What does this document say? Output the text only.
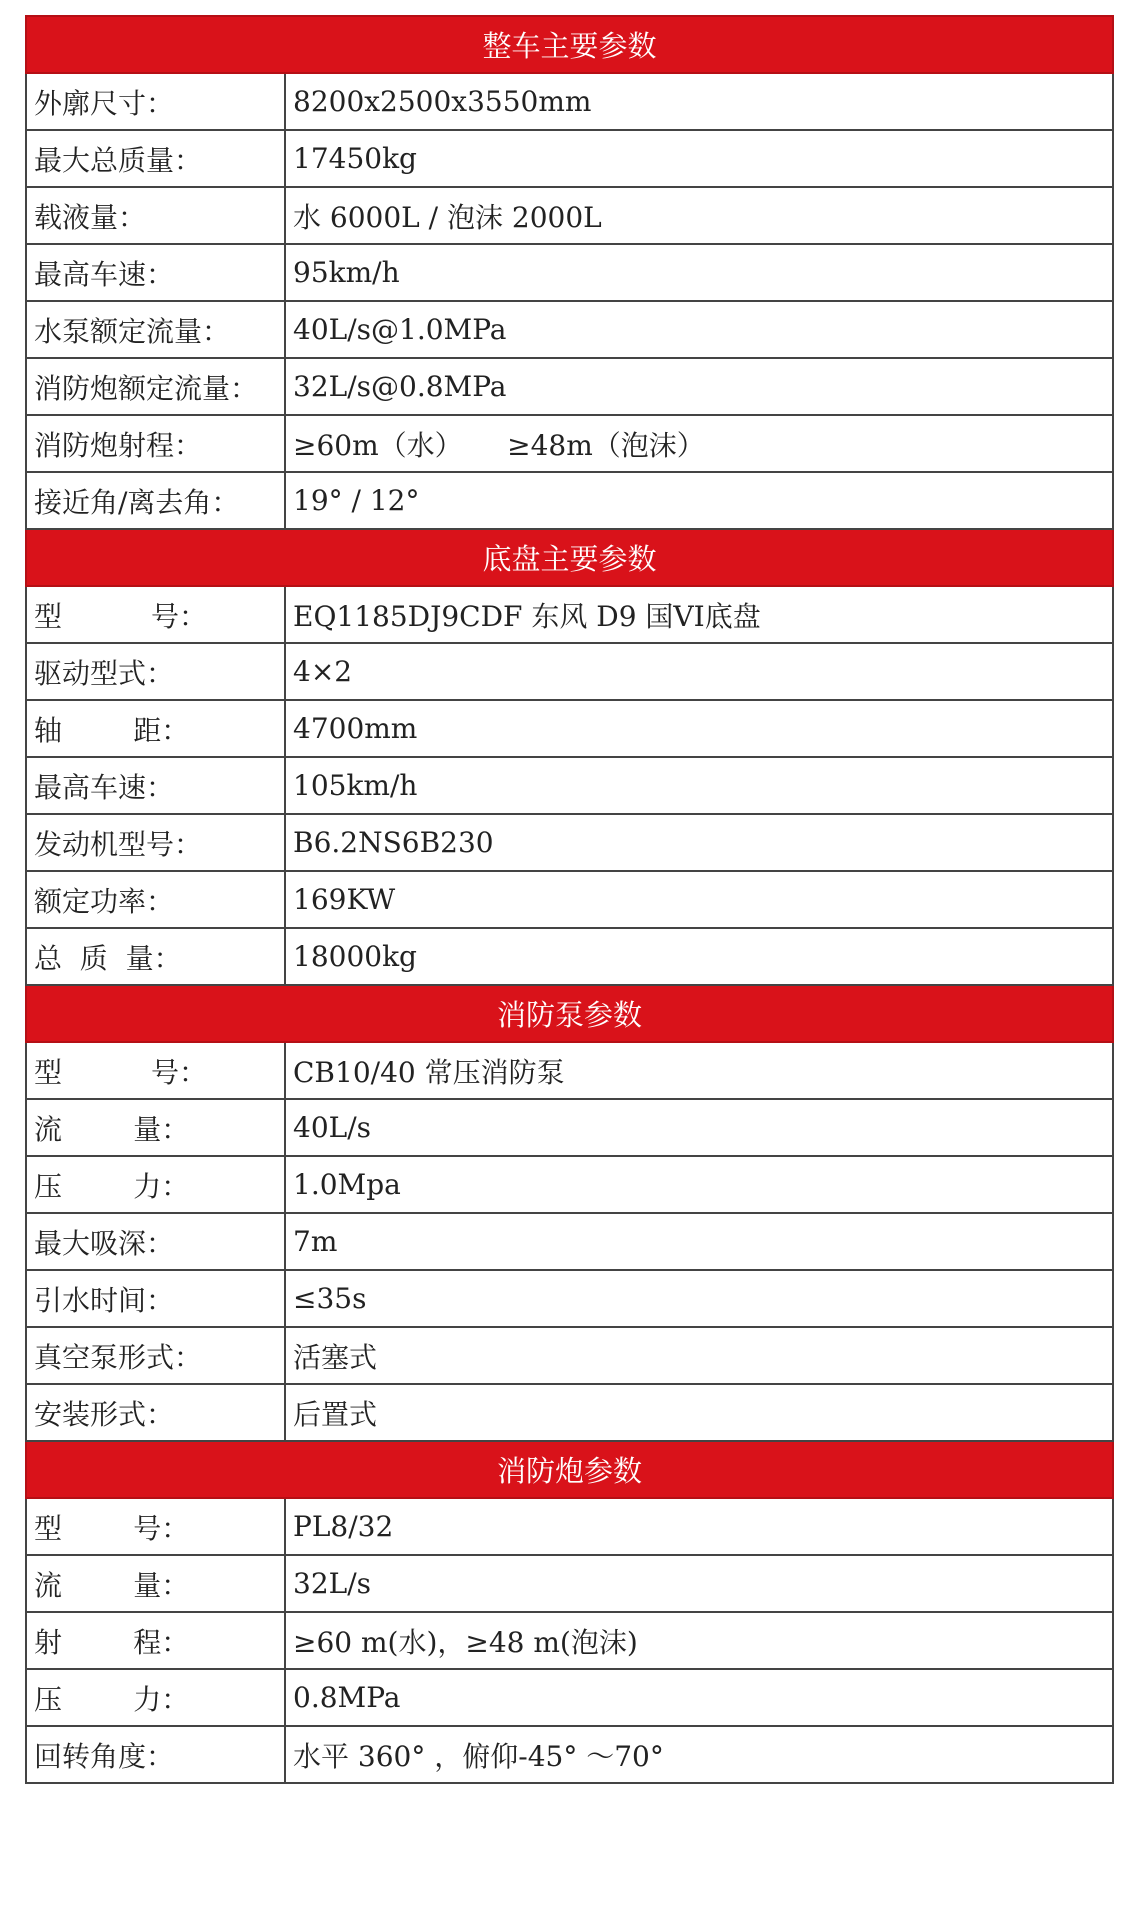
整车主要参数	
外廓尺寸：	8200x2500x3550mm
最大总质量：	17450kg
载液量：	水 6000L / 泡沫 2000L
最高车速：	95km/h
水泵额定流量：	40L/s@1.0MPa
消防炮额定流量：	32L/s@0.8MPa
消防炮射程：	≥60m（水）     ≥48m（泡沫）
接近角/离去角：	19° / 12°
底盘主要参数	
型          号：	EQ1185DJ9CDF 东风 D9 国VI底盘
驱动型式：	4×2
轴        距：	4700mm
最高车速：	105km/h
发动机型号：	B6.2NS6B230
额定功率：	169KW
总  质  量：	18000kg
消防泵参数	
型          号：	CB10/40 常压消防泵
流        量：	40L/s
压        力：	1.0Mpa
最大吸深：	7m
引水时间：	≤35s
真空泵形式：	活塞式
安装形式：	后置式
消防炮参数	
型        号：	PL8/32
流        量：	32L/s
射        程：	≥60 m(水)，≥48 m(泡沫)
压        力：	0.8MPa
回转角度：	水平 360° ，俯仰-45° ～70°
